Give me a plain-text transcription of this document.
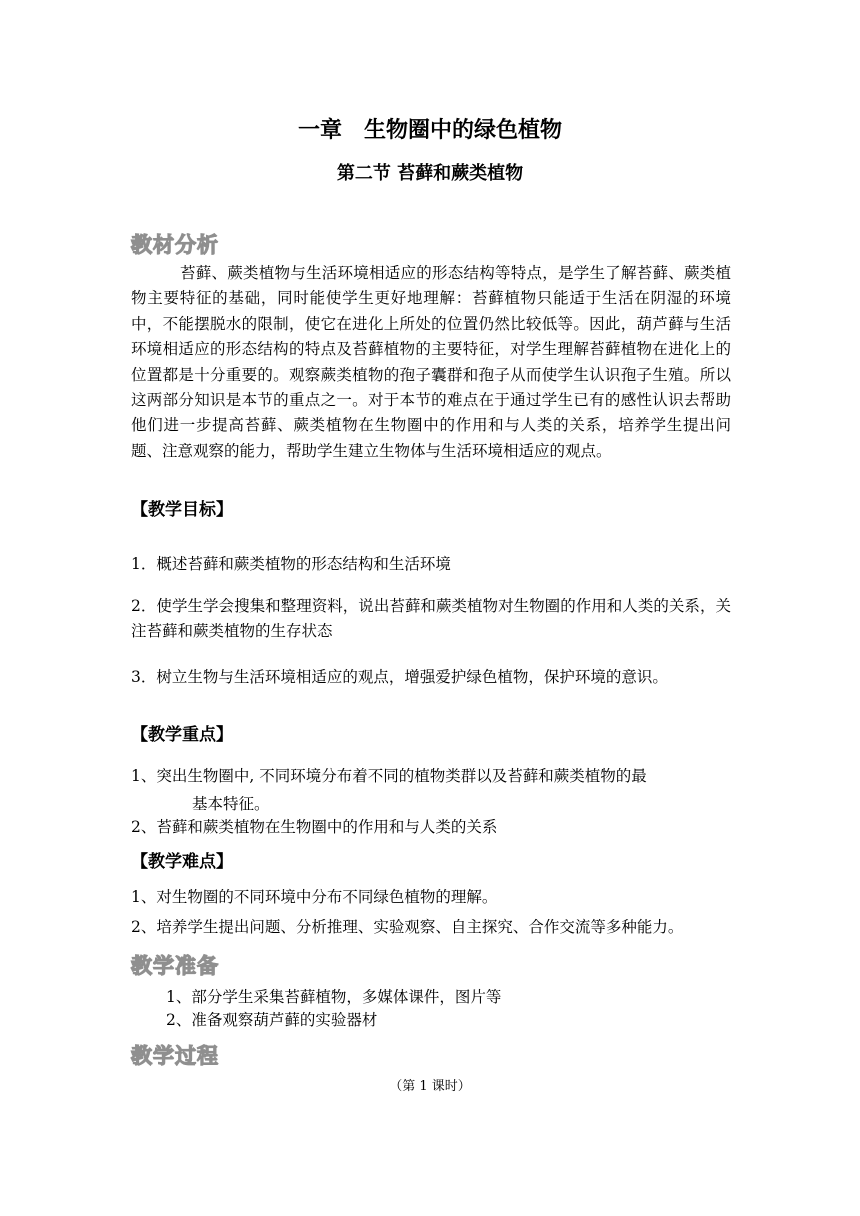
一章　生物圈中的绿色植物
第二节 苔藓和蕨类植物
教材分析

苔藓、蕨类植物与生活环境相适应的形态结构等特点，是学生了解苔藓、蕨类植物主要特征的基础，同时能使学生更好地理解：苔藓植物只能适于生活在阴湿的环境中，不能摆脱水的限制，使它在进化上所处的位置仍然比较低等。因此，葫芦藓与生活环境相适应的形态结构的特点及苔藓植物的主要特征，对学生理解苔藓植物在进化上的位置都是十分重要的。观察蕨类植物的孢子囊群和孢子从而使学生认识孢子生殖。所以这两部分知识是本节的重点之一。对于本节的难点在于通过学生已有的感性认识去帮助他们进一步提高苔藓、蕨类植物在生物圈中的作用和与人类的关系，培养学生提出问题、注意观察的能力，帮助学生建立生物体与生活环境相适应的观点。

【教学目标】
1．概述苔藓和蕨类植物的形态结构和生活环境

2．使学生学会搜集和整理资料，说出苔藓和蕨类植物对生物圈的作用和人类的关系，关注苔藓和蕨类植物的生存状态

3．树立生物与生活环境相适应的观点，增强爱护绿色植物，保护环境的意识。
【教学重点】
1、突出生物圈中, 不同环境分布着不同的植物类群以及苔藓和蕨类植物的最
基本特征。
2、苔藓和蕨类植物在生物圈中的作用和与人类的关系
【教学难点】
1、对生物圈的不同环境中分布不同绿色植物的理解。
2、培养学生提出问题、分析推理、实验观察、自主探究、合作交流等多种能力。
教学准备
1、部分学生采集苔藓植物，多媒体课件，图片等
2、准备观察葫芦藓的实验器材
教学过程
（第 1 课时）
